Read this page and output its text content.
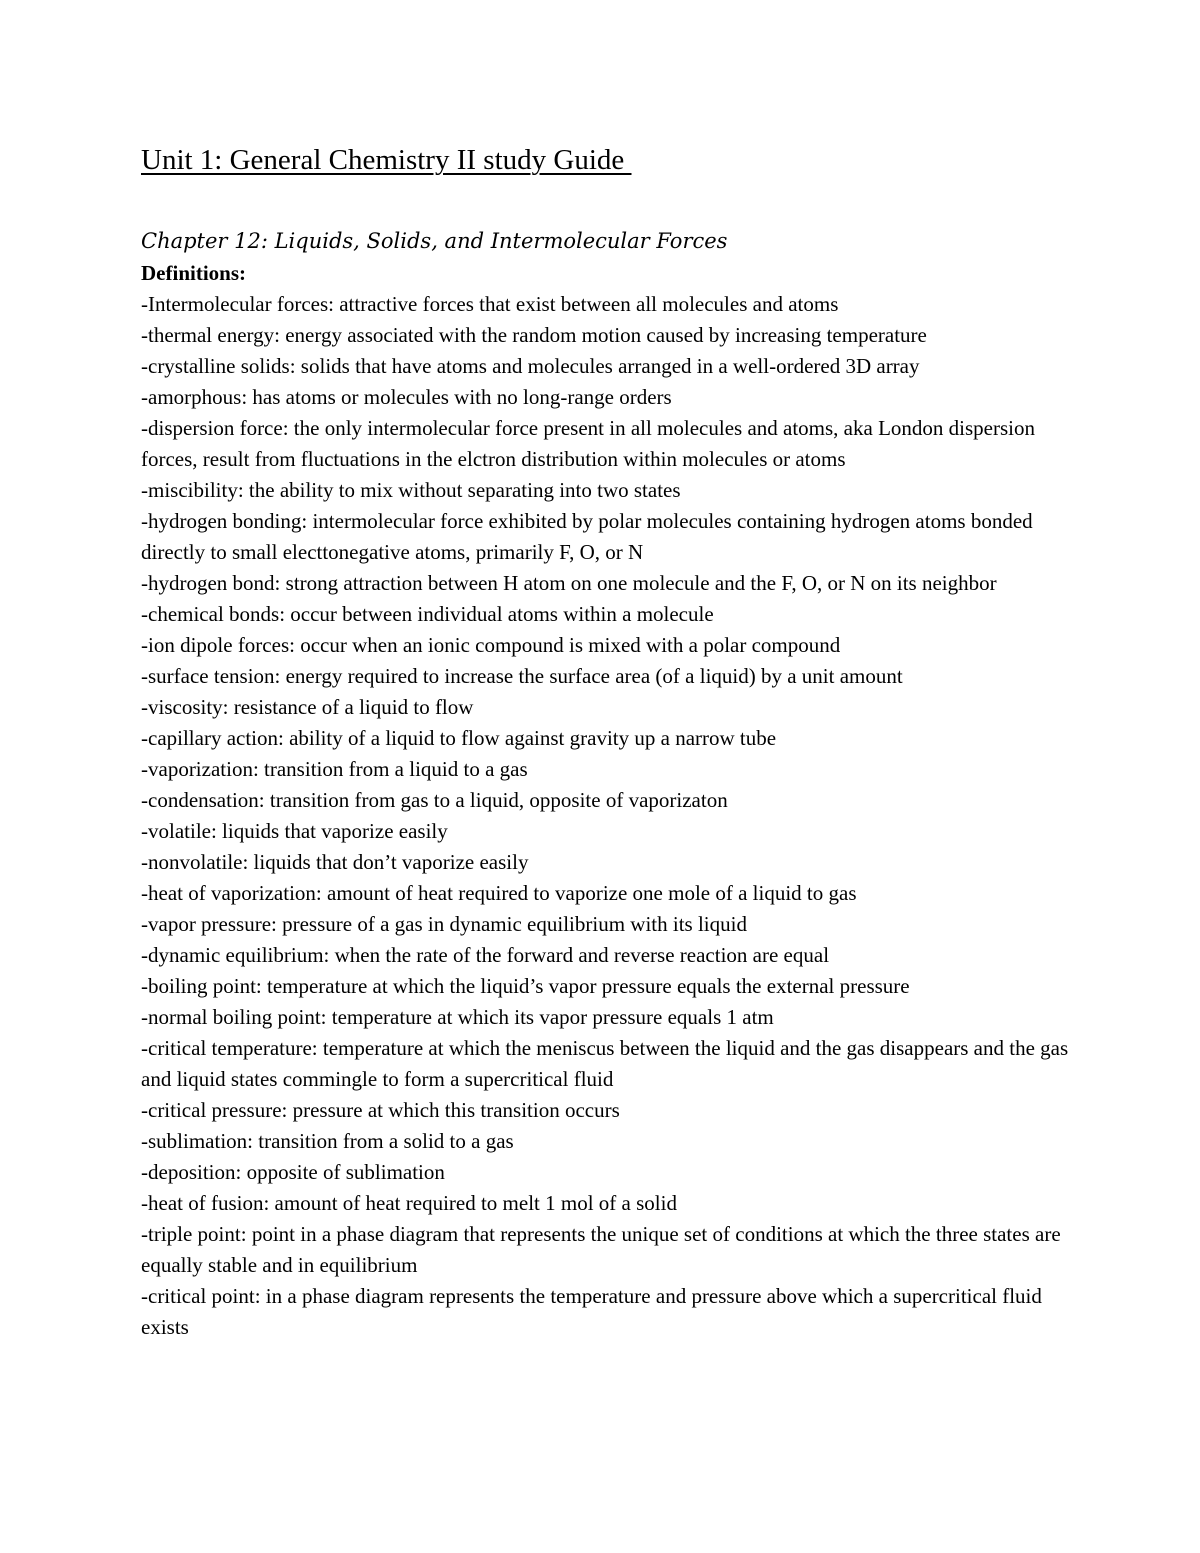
Unit 1: General Chemistry II study Guide
Chapter 12: Liquids, Solids, and Intermolecular Forces
Definitions:
-Intermolecular forces: attractive forces that exist between all molecules and atoms
-thermal energy: energy associated with the random motion caused by increasing temperature
-crystalline solids: solids that have atoms and molecules arranged in a well-ordered 3D array
-amorphous: has atoms or molecules with no long-range orders
-dispersion force: the only intermolecular force present in all molecules and atoms, aka London dispersion forces, result from fluctuations in the elctron distribution within molecules or atoms
-miscibility: the ability to mix without separating into two states
-hydrogen bonding: intermolecular force exhibited by polar molecules containing hydrogen atoms bonded directly to small electtonegative atoms, primarily F, O, or N
-hydrogen bond: strong attraction between H atom on one molecule and the F, O, or N on its neighbor
-chemical bonds: occur between individual atoms within a molecule
-ion dipole forces: occur when an ionic compound is mixed with a polar compound
-surface tension: energy required to increase the surface area (of a liquid) by a unit amount
-viscosity: resistance of a liquid to flow
-capillary action: ability of a liquid to flow against gravity up a narrow tube
-vaporization: transition from a liquid to a gas
-condensation: transition from gas to a liquid, opposite of vaporizaton
-volatile: liquids that vaporize easily
-nonvolatile: liquids that don’t vaporize easily
-heat of vaporization: amount of heat required to vaporize one mole of a liquid to gas
-vapor pressure: pressure of a gas in dynamic equilibrium with its liquid
-dynamic equilibrium: when the rate of the forward and reverse reaction are equal
-boiling point: temperature at which the liquid’s vapor pressure equals the external pressure
-normal boiling point: temperature at which its vapor pressure equals 1 atm
-critical temperature: temperature at which the meniscus between the liquid and the gas disappears and the gas and liquid states commingle to form a supercritical fluid
-critical pressure: pressure at which this transition occurs
-sublimation: transition from a solid to a gas
-deposition: opposite of sublimation
-heat of fusion: amount of heat required to melt 1 mol of a solid
-triple point: point in a phase diagram that represents the unique set of conditions at which the three states are equally stable and in equilibrium
-critical point: in a phase diagram represents the temperature and pressure above which a supercritical fluid exists
